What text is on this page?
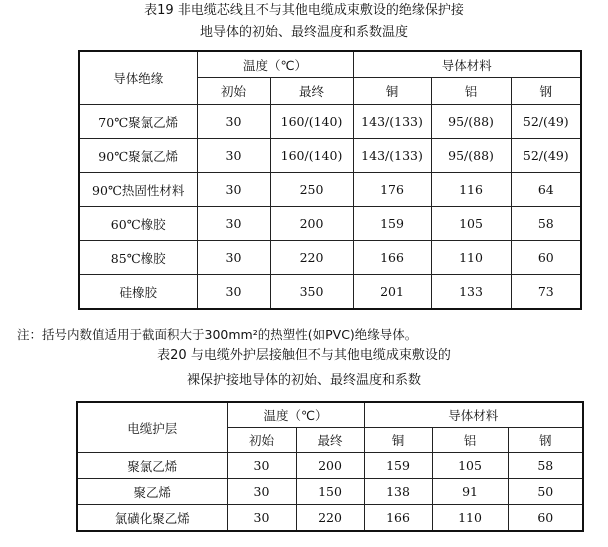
表19 非电缆芯线且不与其他电缆成束敷设的绝缘保护接
地导体的初始、最终温度和系数温度
导体绝缘	温度（℃）		导体材料		
	初始	最终	铜	铝	钢
70℃聚氯乙烯	30	160/(140)	143/(133)	95/(88)	52/(49)
90℃聚氯乙烯	30	160/(140)	143/(133)	95/(88)	52/(49)
90℃热固性材料	30	250	176	116	64
60℃橡胶	30	200	159	105	58
85℃橡胶	30	220	166	110	60
硅橡胶	30	350	201	133	73
注：括号内数值适用于截面积大于300mm²的热塑性(如PVC)绝缘导体。
表20 与电缆外护层接触但不与其他电缆成束敷设的
裸保护接地导体的初始、最终温度和系数
电缆护层	温度（℃）		导体材料		
	初始	最终	铜	铝	钢
聚氯乙烯	30	200	159	105	58
聚乙烯	30	150	138	91	50
氯磺化聚乙烯	30	220	166	110	60
